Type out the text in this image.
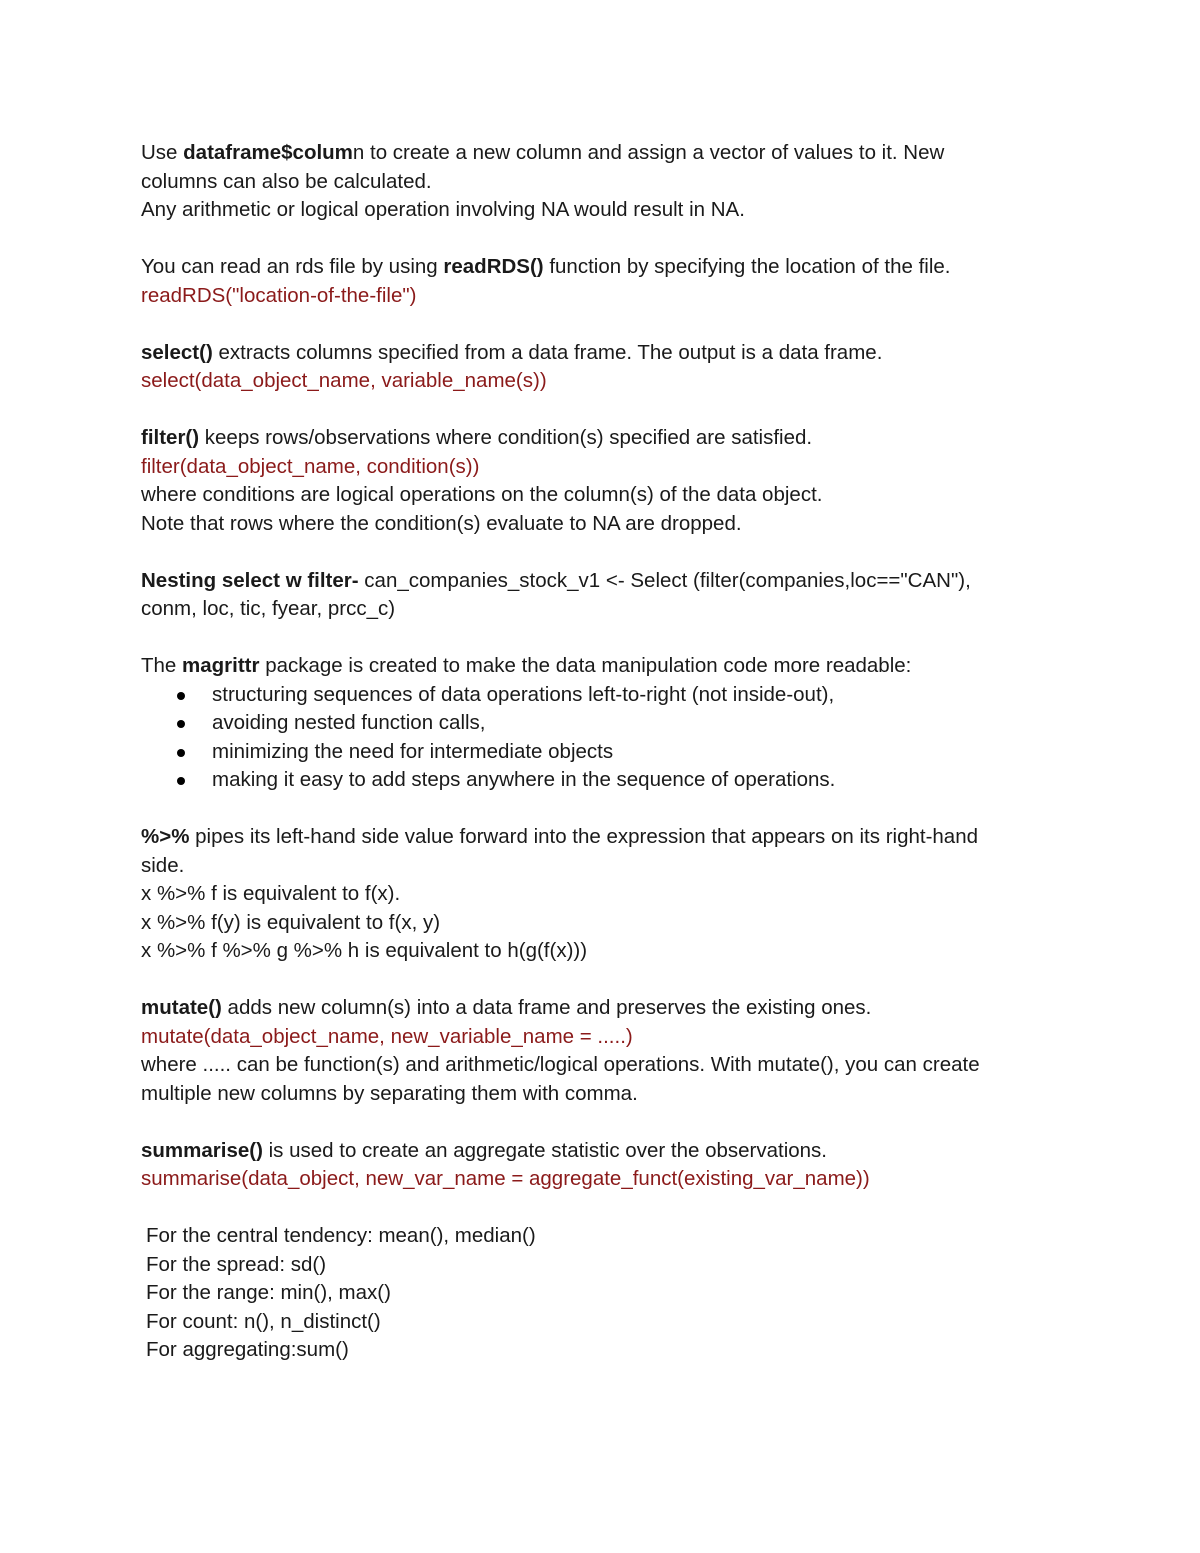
Use dataframe$column to create a new column and assign a vector of values to it. New
columns can also be calculated.
Any arithmetic or logical operation involving NA would result in NA.
You can read an rds file by using readRDS() function by specifying the location of the file.
readRDS("location-of-the-file")
select() extracts columns specified from a data frame. The output is a data frame.
select(data_object_name, variable_name(s))
filter() keeps rows/observations where condition(s) specified are satisfied.
filter(data_object_name, condition(s))
where conditions are logical operations on the column(s) of the data object.
Note that rows where the condition(s) evaluate to NA are dropped.
Nesting select w filter- can_companies_stock_v1 <- Select (filter(companies,loc=="CAN"),
conm, loc, tic, fyear, prcc_c)
The magrittr package is created to make the data manipulation code more readable:
structuring sequences of data operations left-to-right (not inside-out),
avoiding nested function calls,
minimizing the need for intermediate objects
making it easy to add steps anywhere in the sequence of operations.
%>% pipes its left-hand side value forward into the expression that appears on its right-hand
side.
x %>% f is equivalent to f(x).
x %>% f(y) is equivalent to f(x, y)
x %>% f %>% g %>% h is equivalent to h(g(f(x)))
mutate() adds new column(s) into a data frame and preserves the existing ones.
mutate(data_object_name, new_variable_name = .....)
where ..... can be function(s) and arithmetic/logical operations. With mutate(), you can create
multiple new columns by separating them with comma.
summarise() is used to create an aggregate statistic over the observations.
summarise(data_object, new_var_name = aggregate_funct(existing_var_name))
For the central tendency: mean(), median()
For the spread: sd()
For the range: min(), max()
For count: n(), n_distinct()
For aggregating:sum()
